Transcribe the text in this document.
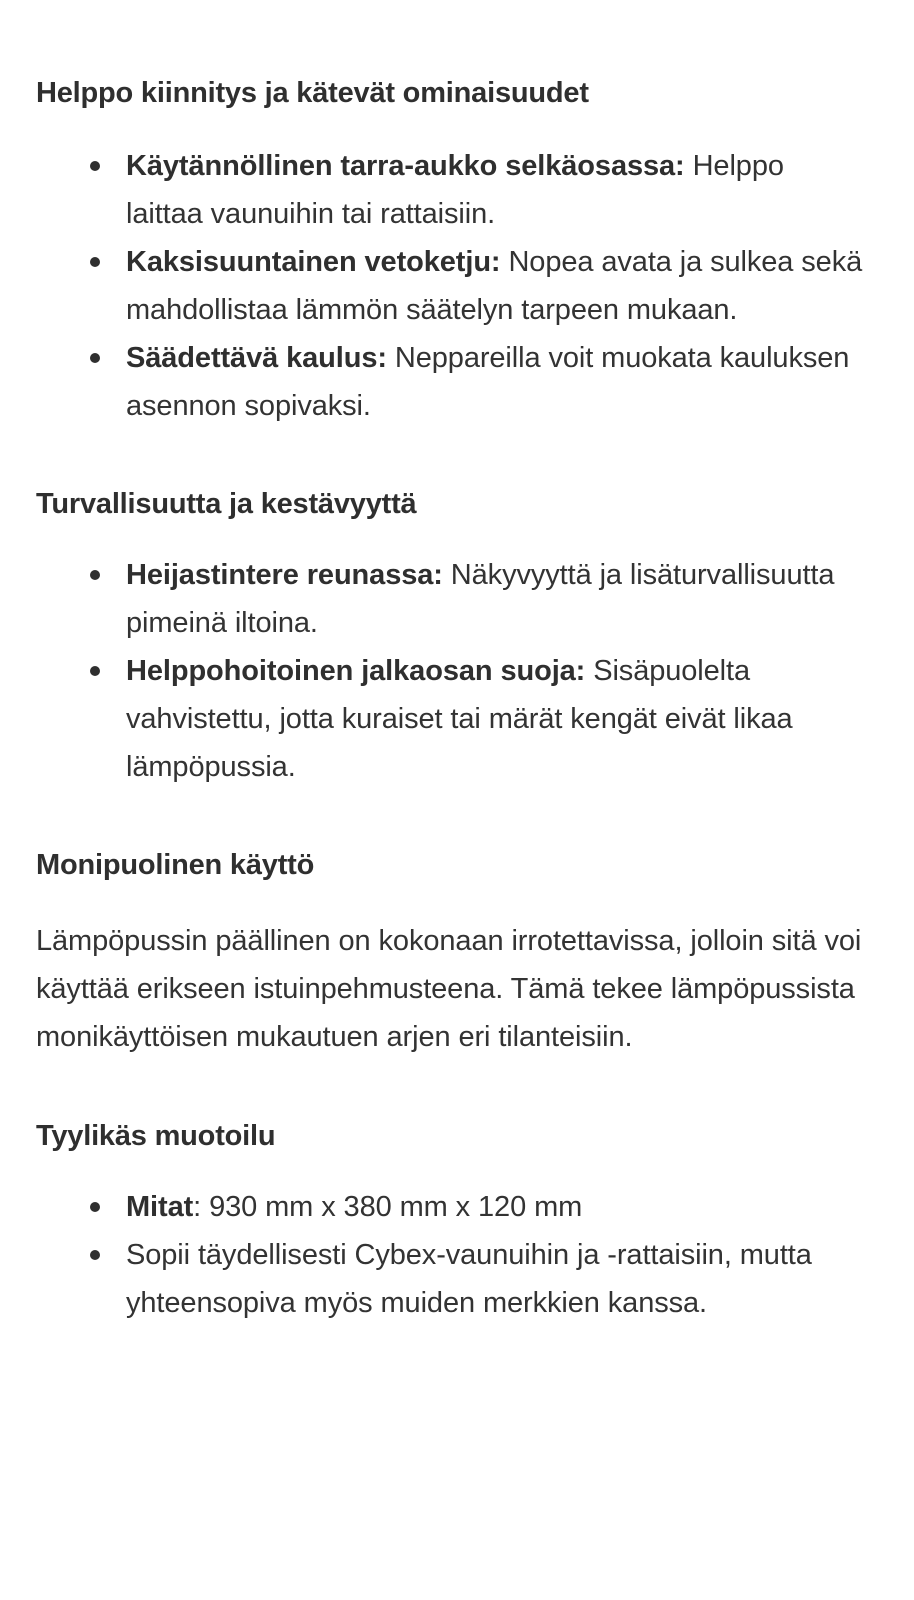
Helppo kiinnitys ja kätevät ominaisuudet
Käytännöllinen tarra-aukko selkäosassa: Helppo laittaa vaunuihin tai rattaisiin.
Kaksisuuntainen vetoketju: Nopea avata ja sulkea sekä mahdollistaa lämmön säätelyn tarpeen mukaan.
Säädettävä kaulus: Neppareilla voit muokata kauluksen asennon sopivaksi.
Turvallisuutta ja kestävyyttä
Heijastintere reunassa: Näkyvyyttä ja lisäturvallisuutta pimeinä iltoina.
Helppohoitoinen jalkaosan suoja: Sisäpuolelta vahvistettu, jotta kuraiset tai märät kengät eivät likaa lämpöpussia.
Monipuolinen käyttö

Lämpöpussin päällinen on kokonaan irrotettavissa, jolloin sitä voi käyttää erikseen istuinpehmusteena. Tämä tekee lämpöpussista monikäyttöisen mukautuen arjen eri tilanteisiin.

Tyylikäs muotoilu
Mitat: 930 mm x 380 mm x 120 mm
Sopii täydellisesti Cybex-vaunuihin ja -rattaisiin, mutta yhteensopiva myös muiden merkkien kanssa.
